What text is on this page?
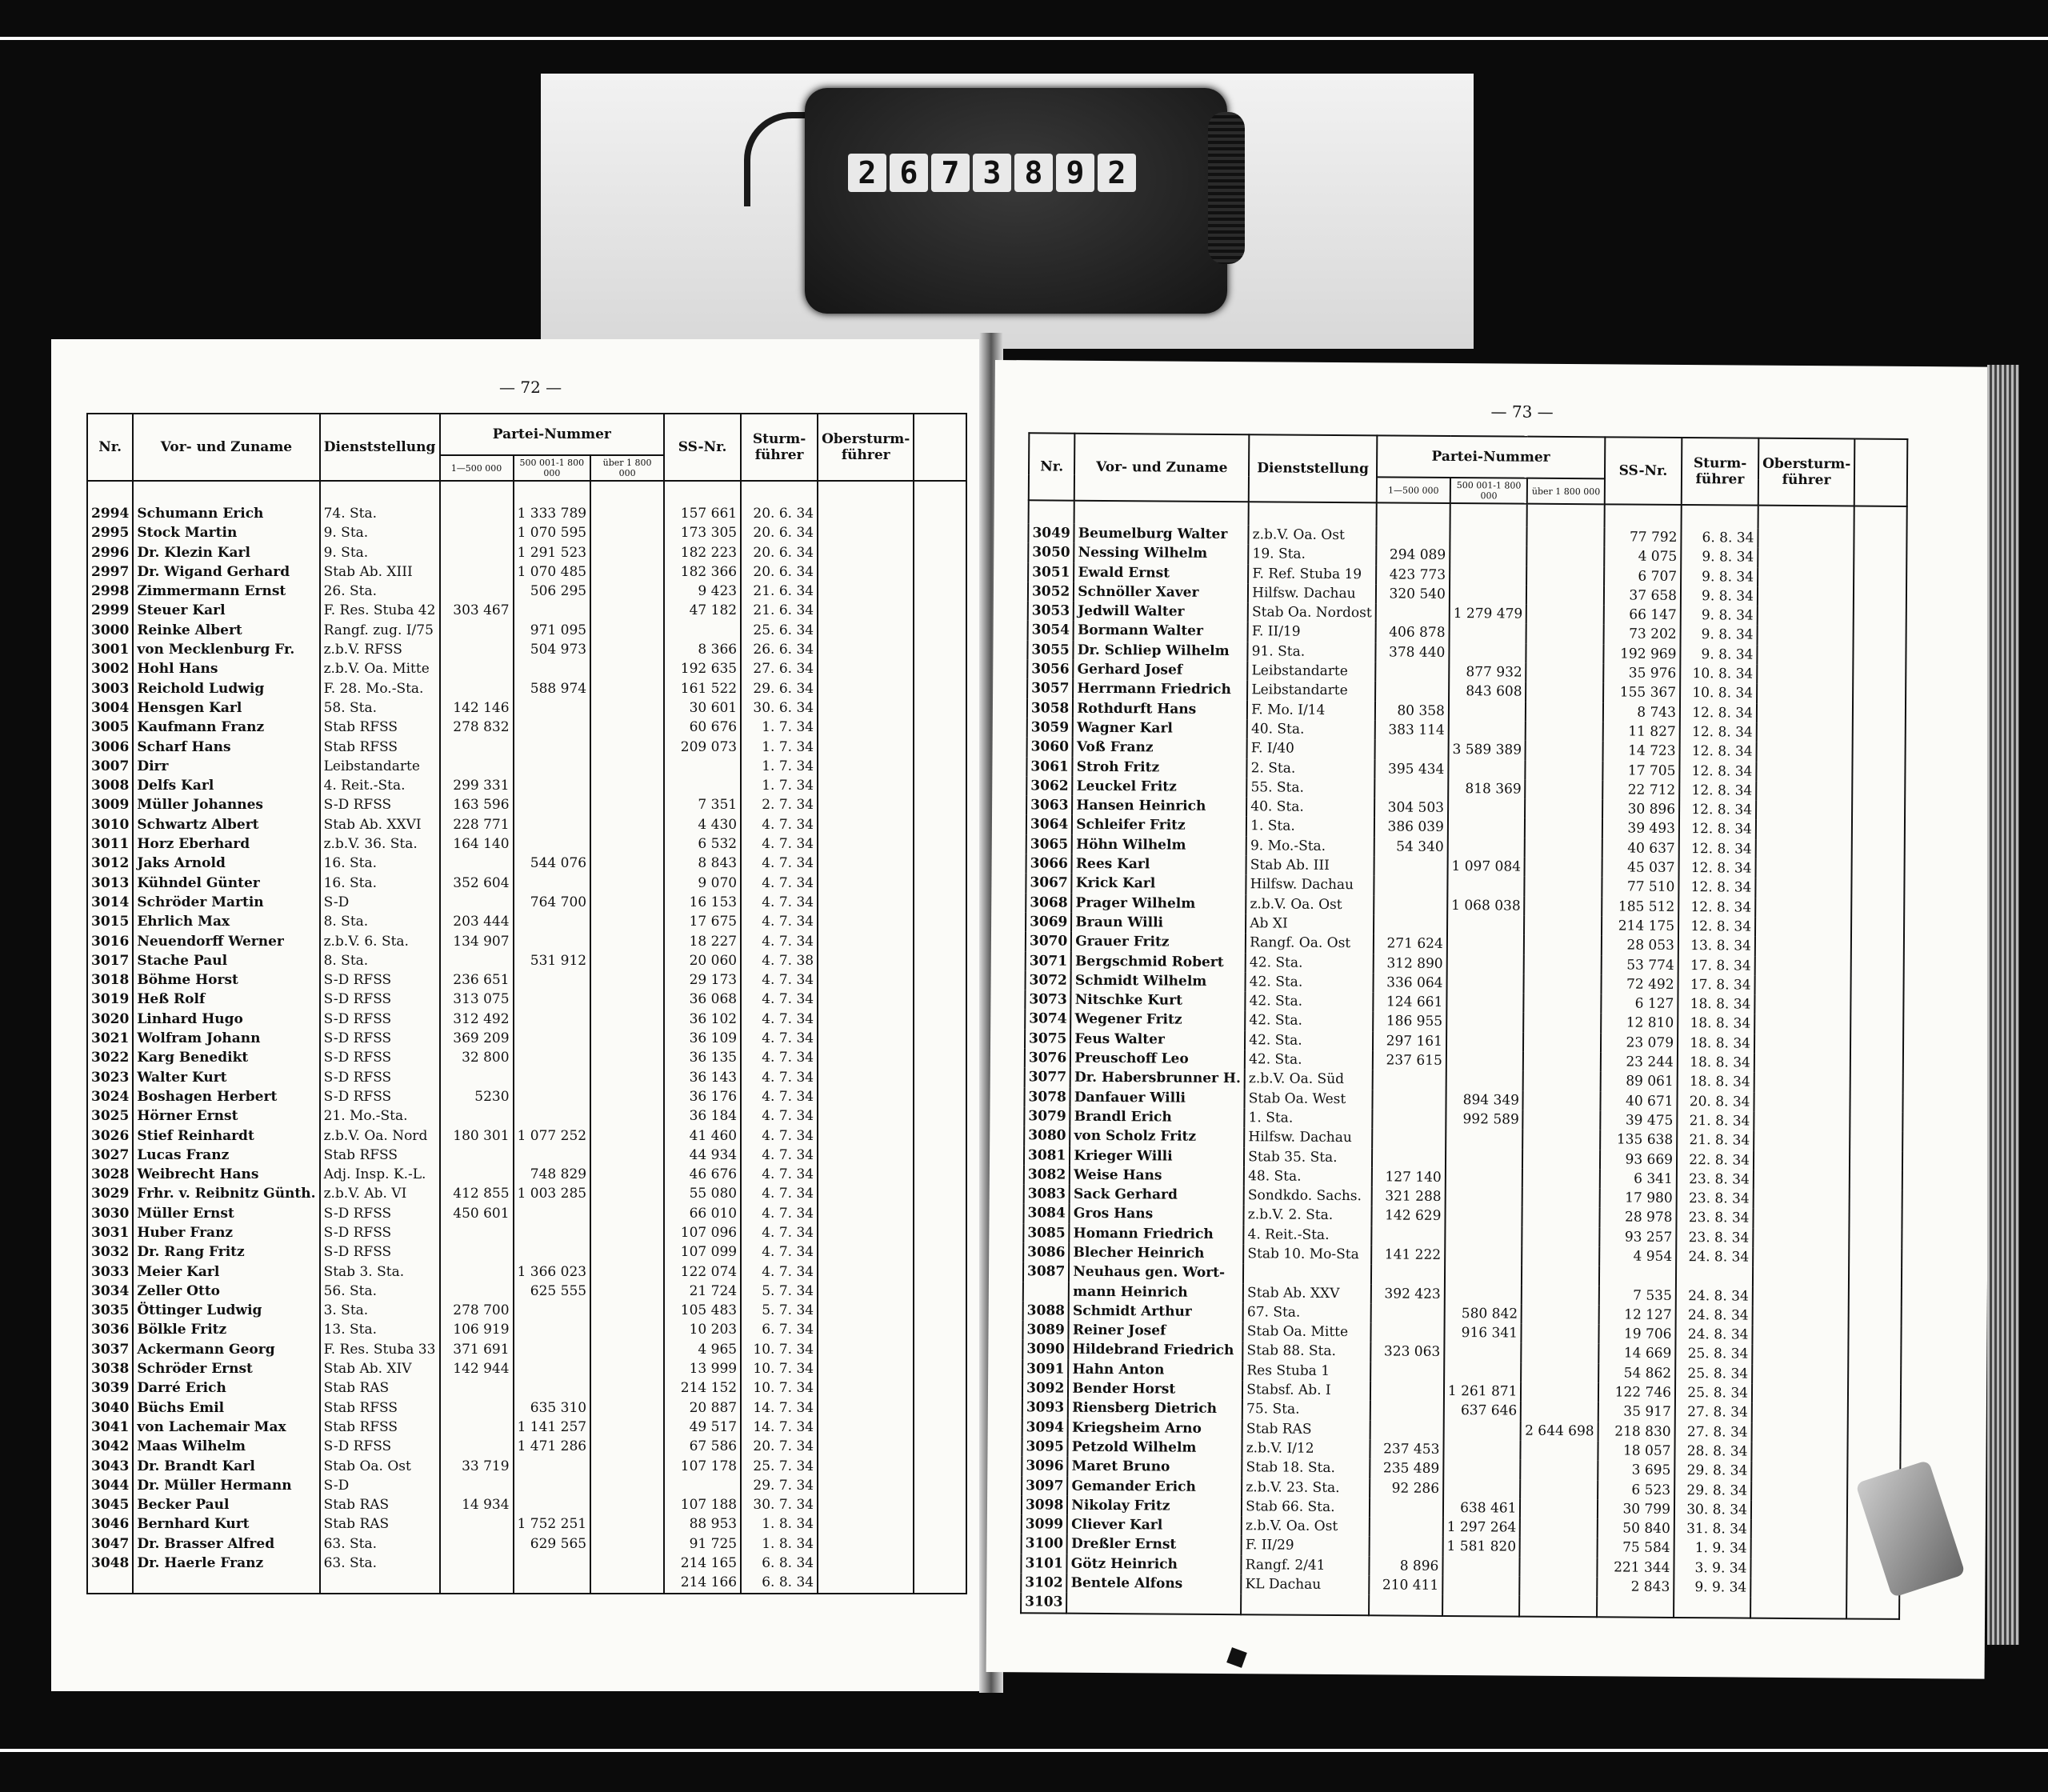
2 6 7 3 8 9 2
— 72 —
Nr.	Vor- und Zuname	Dienststellung	Partei-Nummer			SS-Nr.	Sturm-führer	Obersturm-führer	
			1—500 000	500 001-1 800 000	über 1 800 000				

2994	Schumann Erich	74. Sta.		1 333 789		157 661	20. 6. 34		
2995	Stock Martin	9. Sta.		1 070 595		173 305	20. 6. 34		
2996	Dr. Klezin Karl	9. Sta.		1 291 523		182 223	20. 6. 34		
2997	Dr. Wigand Gerhard	Stab Ab. XIII		1 070 485		182 366	20. 6. 34		
2998	Zimmermann Ernst	26. Sta.		506 295		9 423	21. 6. 34		
2999	Steuer Karl	F. Res. Stuba 42	303 467			47 182	21. 6. 34		
3000	Reinke Albert	Rangf. zug. I/75		971 095			25. 6. 34		
3001	von Mecklenburg Fr.	z.b.V. RFSS		504 973		8 366	26. 6. 34		
3002	Hohl Hans	z.b.V. Oa. Mitte				192 635	27. 6. 34		
3003	Reichold Ludwig	F. 28. Mo.-Sta.		588 974		161 522	29. 6. 34		
3004	Hensgen Karl	58. Sta.	142 146			30 601	30. 6. 34		
3005	Kaufmann Franz	Stab RFSS	278 832			60 676	1. 7. 34		
3006	Scharf Hans	Stab RFSS				209 073	1. 7. 34		
3007	Dirr	Leibstandarte					1. 7. 34		
3008	Delfs Karl	4. Reit.-Sta.	299 331				1. 7. 34		
3009	Müller Johannes	S-D RFSS	163 596			7 351	2. 7. 34		
3010	Schwartz Albert	Stab Ab. XXVI	228 771			4 430	4. 7. 34		
3011	Horz Eberhard	z.b.V. 36. Sta.	164 140			6 532	4. 7. 34		
3012	Jaks Arnold	16. Sta.		544 076		8 843	4. 7. 34		
3013	Kühndel Günter	16. Sta.	352 604			9 070	4. 7. 34		
3014	Schröder Martin	S-D		764 700		16 153	4. 7. 34		
3015	Ehrlich Max	8. Sta.	203 444			17 675	4. 7. 34		
3016	Neuendorff Werner	z.b.V. 6. Sta.	134 907			18 227	4. 7. 34		
3017	Stache Paul	8. Sta.		531 912		20 060	4. 7. 38		
3018	Böhme Horst	S-D RFSS	236 651			29 173	4. 7. 34		
3019	Heß Rolf	S-D RFSS	313 075			36 068	4. 7. 34		
3020	Linhard Hugo	S-D RFSS	312 492			36 102	4. 7. 34		
3021	Wolfram Johann	S-D RFSS	369 209			36 109	4. 7. 34		
3022	Karg Benedikt	S-D RFSS	32 800			36 135	4. 7. 34		
3023	Walter Kurt	S-D RFSS				36 143	4. 7. 34		
3024	Boshagen Herbert	S-D RFSS	5230			36 176	4. 7. 34		
3025	Hörner Ernst	21. Mo.-Sta.				36 184	4. 7. 34		
3026	Stief Reinhardt	z.b.V. Oa. Nord	180 301	1 077 252		41 460	4. 7. 34		
3027	Lucas Franz	Stab RFSS				44 934	4. 7. 34		
3028	Weibrecht Hans	Adj. Insp. K.-L.		748 829		46 676	4. 7. 34		
3029	Frhr. v. Reibnitz Günth.	z.b.V. Ab. VI	412 855	1 003 285		55 080	4. 7. 34		
3030	Müller Ernst	S-D RFSS	450 601			66 010	4. 7. 34		
3031	Huber Franz	S-D RFSS				107 096	4. 7. 34		
3032	Dr. Rang Fritz	S-D RFSS				107 099	4. 7. 34		
3033	Meier Karl	Stab 3. Sta.		1 366 023		122 074	4. 7. 34		
3034	Zeller Otto	56. Sta.		625 555		21 724	5. 7. 34		
3035	Öttinger Ludwig	3. Sta.	278 700			105 483	5. 7. 34		
3036	Bölkle Fritz	13. Sta.	106 919			10 203	6. 7. 34		
3037	Ackermann Georg	F. Res. Stuba 33	371 691			4 965	10. 7. 34		
3038	Schröder Ernst	Stab Ab. XIV	142 944			13 999	10. 7. 34		
3039	Darré Erich	Stab RAS				214 152	10. 7. 34		
3040	Büchs Emil	Stab RFSS		635 310		20 887	14. 7. 34		
3041	von Lachemair Max	Stab RFSS		1 141 257		49 517	14. 7. 34		
3042	Maas Wilhelm	S-D RFSS		1 471 286		67 586	20. 7. 34		
3043	Dr. Brandt Karl	Stab Oa. Ost	33 719			107 178	25. 7. 34		
3044	Dr. Müller Hermann	S-D					29. 7. 34		
3045	Becker Paul	Stab RAS	14 934			107 188	30. 7. 34		
3046	Bernhard Kurt	Stab RAS		1 752 251		88 953	1. 8. 34		
3047	Dr. Brasser Alfred	63. Sta.		629 565		91 725	1. 8. 34		
3048	Dr. Haerle Franz	63. Sta.				214 165	6. 8. 34		
						214 166	6. 8. 34		
— 73 —
Nr.	Vor- und Zuname	Dienststellung	Partei-Nummer			SS-Nr.	Sturm-führer	Obersturm-führer	
			1—500 000	500 001-1 800 000	über 1 800 000				

3049	Beumelburg Walter	z.b.V. Oa. Ost				77 792	6. 8. 34		
3050	Nessing Wilhelm	19. Sta.	294 089			4 075	9. 8. 34		
3051	Ewald Ernst	F. Ref. Stuba 19	423 773			6 707	9. 8. 34		
3052	Schnöller Xaver	Hilfsw. Dachau	320 540			37 658	9. 8. 34		
3053	Jedwill Walter	Stab Oa. Nordost		1 279 479		66 147	9. 8. 34		
3054	Bormann Walter	F. II/19	406 878			73 202	9. 8. 34		
3055	Dr. Schliep Wilhelm	91. Sta.	378 440			192 969	9. 8. 34		
3056	Gerhard Josef	Leibstandarte		877 932		35 976	10. 8. 34		
3057	Herrmann Friedrich	Leibstandarte		843 608		155 367	10. 8. 34		
3058	Rothdurft Hans	F. Mo. I/14	80 358			8 743	12. 8. 34		
3059	Wagner Karl	40. Sta.	383 114			11 827	12. 8. 34		
3060	Voß Franz	F. I/40		3 589 389		14 723	12. 8. 34		
3061	Stroh Fritz	2. Sta.	395 434			17 705	12. 8. 34		
3062	Leuckel Fritz	55. Sta.		818 369		22 712	12. 8. 34		
3063	Hansen Heinrich	40. Sta.	304 503			30 896	12. 8. 34		
3064	Schleifer Fritz	1. Sta.	386 039			39 493	12. 8. 34		
3065	Höhn Wilhelm	9. Mo.-Sta.	54 340			40 637	12. 8. 34		
3066	Rees Karl	Stab Ab. III		1 097 084		45 037	12. 8. 34		
3067	Krick Karl	Hilfsw. Dachau				77 510	12. 8. 34		
3068	Prager Wilhelm	z.b.V. Oa. Ost		1 068 038		185 512	12. 8. 34		
3069	Braun Willi	Ab XI				214 175	12. 8. 34		
3070	Grauer Fritz	Rangf. Oa. Ost	271 624			28 053	13. 8. 34		
3071	Bergschmid Robert	42. Sta.	312 890			53 774	17. 8. 34		
3072	Schmidt Wilhelm	42. Sta.	336 064			72 492	17. 8. 34		
3073	Nitschke Kurt	42. Sta.	124 661			6 127	18. 8. 34		
3074	Wegener Fritz	42. Sta.	186 955			12 810	18. 8. 34		
3075	Feus Walter	42. Sta.	297 161			23 079	18. 8. 34		
3076	Preuschoff Leo	42. Sta.	237 615			23 244	18. 8. 34		
3077	Dr. Habersbrunner H.	z.b.V. Oa. Süd				89 061	18. 8. 34		
3078	Danfauer Willi	Stab Oa. West		894 349		40 671	20. 8. 34		
3079	Brandl Erich	1. Sta.		992 589		39 475	21. 8. 34		
3080	von Scholz Fritz	Hilfsw. Dachau				135 638	21. 8. 34		
3081	Krieger Willi	Stab 35. Sta.				93 669	22. 8. 34		
3082	Weise Hans	48. Sta.	127 140			6 341	23. 8. 34		
3083	Sack Gerhard	Sondkdo. Sachs.	321 288			17 980	23. 8. 34		
3084	Gros Hans	z.b.V. 2. Sta.	142 629			28 978	23. 8. 34		
3085	Homann Friedrich	4. Reit.-Sta.				93 257	23. 8. 34		
3086	Blecher Heinrich	Stab 10. Mo-Sta	141 222			4 954	24. 8. 34		
3087	Neuhaus gen. Wort-								
	mann Heinrich	Stab Ab. XXV	392 423			7 535	24. 8. 34		
3088	Schmidt Arthur	67. Sta.		580 842		12 127	24. 8. 34		
3089	Reiner Josef	Stab Oa. Mitte		916 341		19 706	24. 8. 34		
3090	Hildebrand Friedrich	Stab 88. Sta.	323 063			14 669	25. 8. 34		
3091	Hahn Anton	Res Stuba 1				54 862	25. 8. 34		
3092	Bender Horst	Stabsf. Ab. I		1 261 871		122 746	25. 8. 34		
3093	Riensberg Dietrich	75. Sta.		637 646		35 917	27. 8. 34		
3094	Kriegsheim Arno	Stab RAS			2 644 698	218 830	27. 8. 34		
3095	Petzold Wilhelm	z.b.V. I/12	237 453			18 057	28. 8. 34		
3096	Maret Bruno	Stab 18. Sta.	235 489			3 695	29. 8. 34		
3097	Gemander Erich	z.b.V. 23. Sta.	92 286			6 523	29. 8. 34		
3098	Nikolay Fritz	Stab 66. Sta.		638 461		30 799	30. 8. 34		
3099	Cliever Karl	z.b.V. Oa. Ost		1 297 264		50 840	31. 8. 34		
3100	Dreßler Ernst	F. II/29		1 581 820		75 584	1. 9. 34		
3101	Götz Heinrich	Rangf. 2/41	8 896			221 344	3. 9. 34		
3102	Bentele Alfons	KL Dachau	210 411			2 843	9. 9. 34		
3103									
